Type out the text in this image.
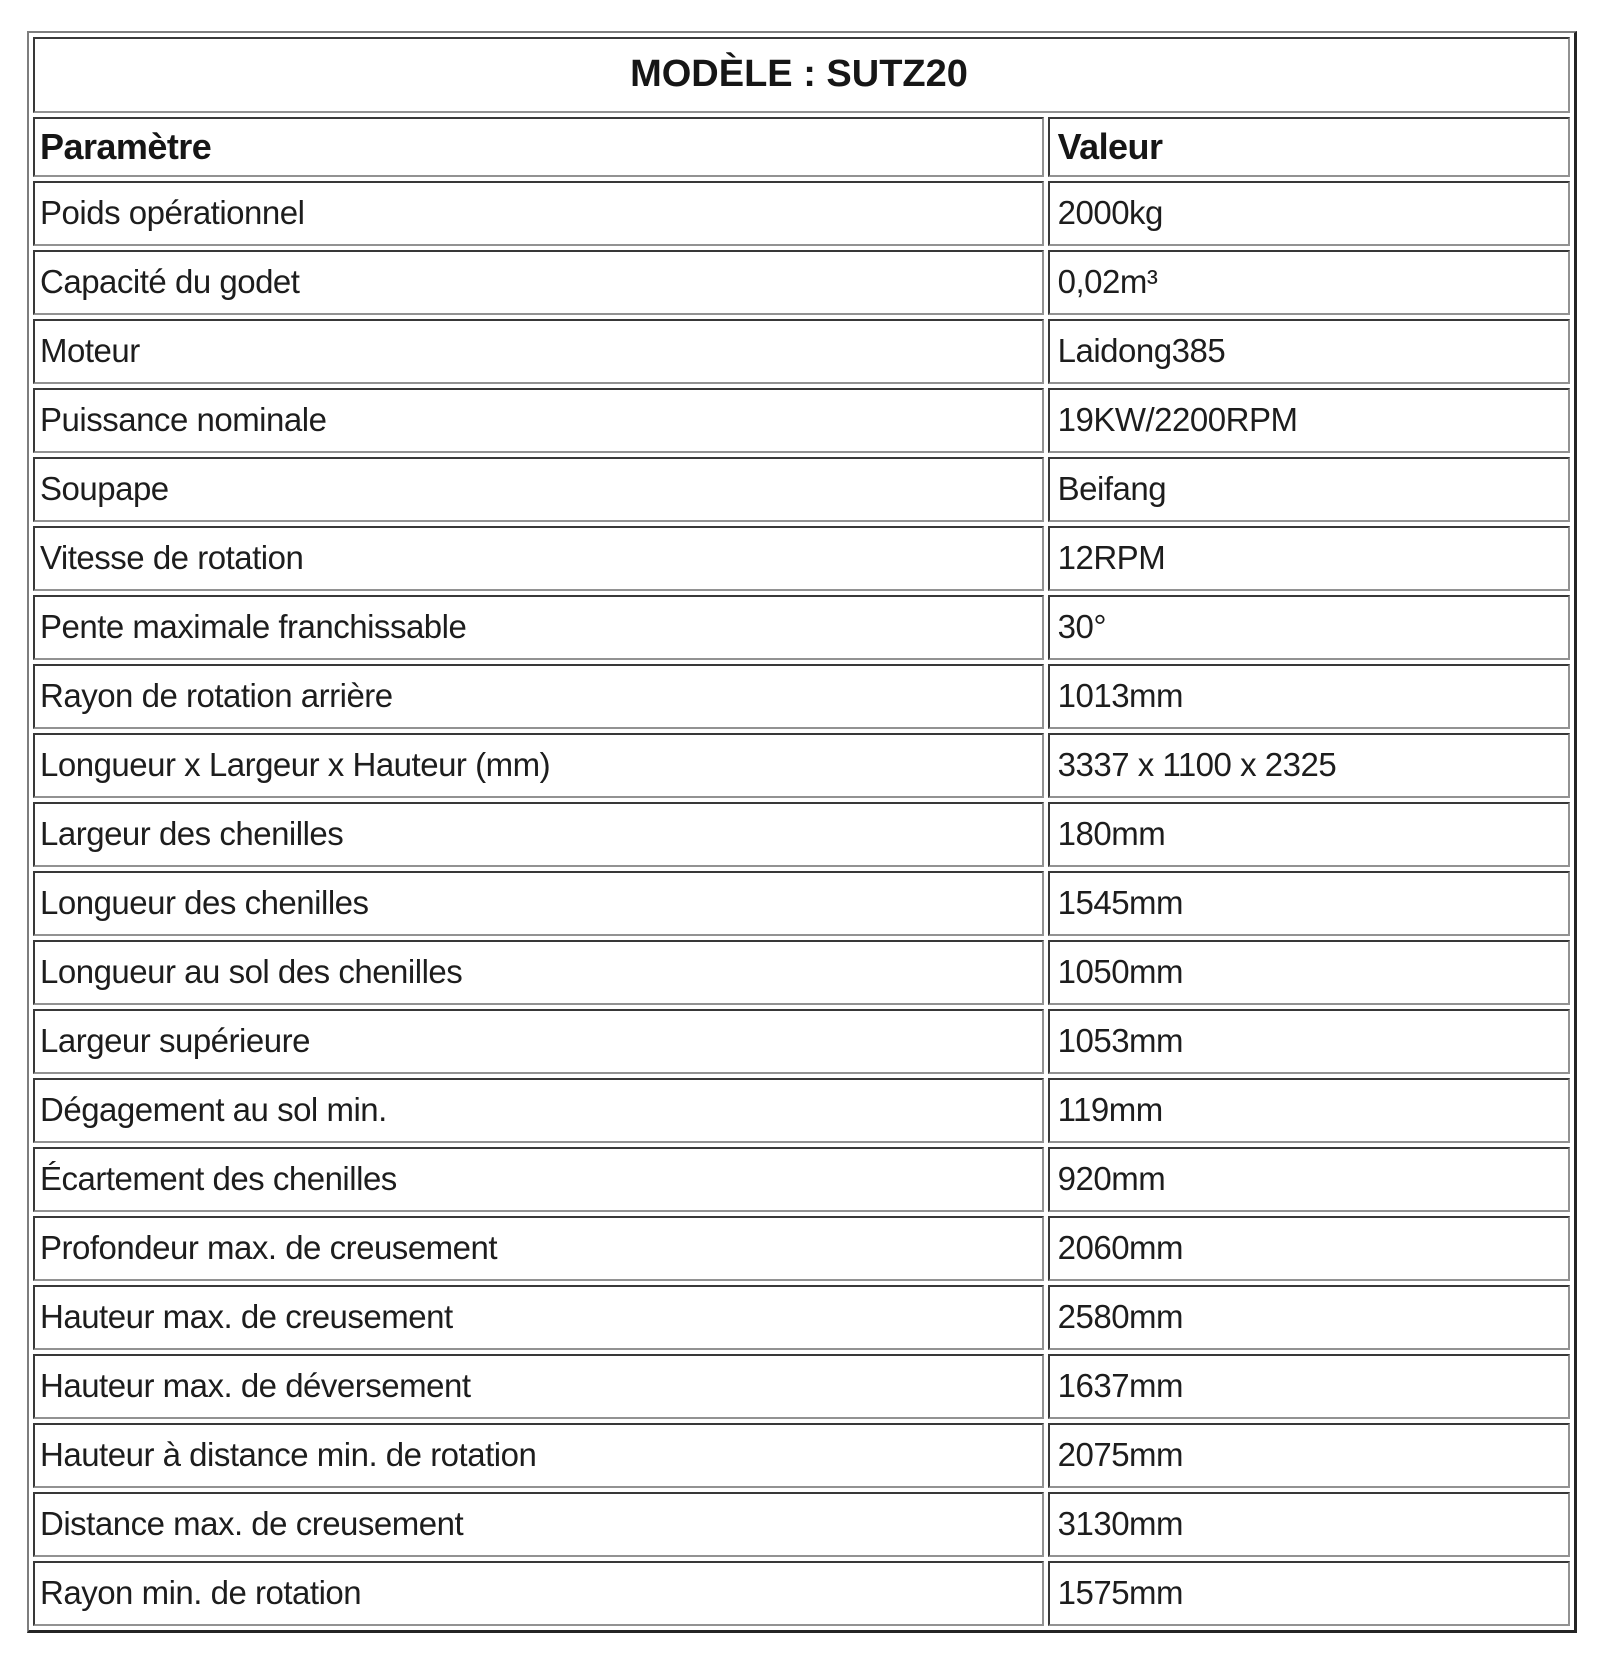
MODÈLE : SUTZ20	
Paramètre	Valeur
Poids opérationnel	2000kg
Capacité du godet	0,02m³
Moteur	Laidong385
Puissance nominale	19KW/2200RPM
Soupape	Beifang
Vitesse de rotation	12RPM
Pente maximale franchissable	30°
Rayon de rotation arrière	1013mm
Longueur x Largeur x Hauteur (mm)	3337 x 1100 x 2325
Largeur des chenilles	180mm
Longueur des chenilles	1545mm
Longueur au sol des chenilles	1050mm
Largeur supérieure	1053mm
Dégagement au sol min.	119mm
Écartement des chenilles	920mm
Profondeur max. de creusement	2060mm
Hauteur max. de creusement	2580mm
Hauteur max. de déversement	1637mm
Hauteur à distance min. de rotation	2075mm
Distance max. de creusement	3130mm
Rayon min. de rotation	1575mm
